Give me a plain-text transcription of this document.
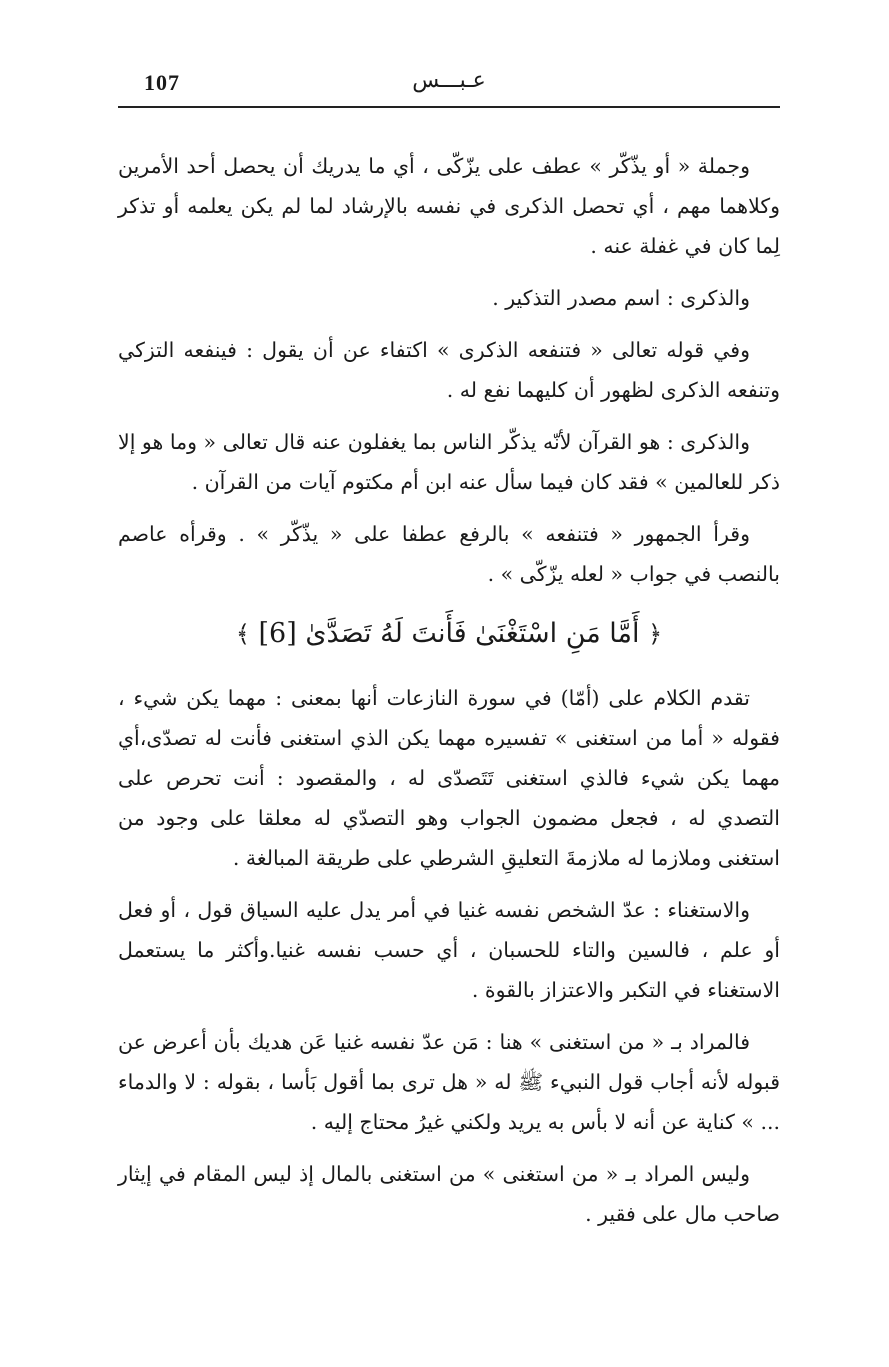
107	عـبـــس

وجملة « أو يذّكّر » عطف على يزّكّى ، أي ما يدريك أن يحصل أحد الأمرين وكلاهما مهم ، أي تحصل الذكرى في نفسه بالإرشاد لما لم يكن يعلمه أو تذكر لِما كان في غفلة عنه .

والذكرى : اسم مصدر التذكير .

وفي قوله تعالى « فتنفعه الذكرى » اكتفاء عن أن يقول : فينفعه التزكي وتنفعه الذكرى لظهور أن كليهما نفع له .

والذكرى : هو القرآن لأنّه يذكّر الناس بما يغفلون عنه قال تعالى « وما هو إلا ذكر للعالمين » فقد كان فيما سأل عنه ابن أم مكتوم آيات من القرآن .

وقرأ الجمهور « فتنفعه » بالرفع عطفا على « يذّكّر » . وقرأه عاصم بالنصب في جواب « لعله يزّكّى » .

﴿ أَمَّا مَنِ اسْتَغْنَىٰ فَأَنتَ لَهُ تَصَدَّىٰ [6] ﴾

تقدم الكلام على (أمّا) في سورة النازعات أنها بمعنى : مهما يكن شيء ، فقوله « أما من استغنى » تفسيره مهما يكن الذي استغنى فأنت له تصدّى،أي مهما يكن شيء فالذي استغنى تَتَصدّى له ، والمقصود : أنت تحرص على التصدي له ، فجعل مضمون الجواب وهو التصدّي له معلقا على وجود من استغنى وملازما له ملازمةَ التعليقِ الشرطي على طريقة المبالغة .

والاستغناء : عدّ الشخص نفسه غنيا في أمر يدل عليه السياق قول ، أو فعل أو علم ، فالسين والتاء للحسبان ، أي حسب نفسه غنيا.وأكثر ما يستعمل الاستغناء في التكبر والاعتزاز بالقوة .

فالمراد بـ « من استغنى » هنا : مَن عدّ نفسه غنيا عَن هديك بأن أعرض عن قبوله لأنه أجاب قول النبيء ﷺ له « هل ترى بما أقول بَأسا ، بقوله : لا والدماء ... » كناية عن أنه لا بأس به يريد ولكني غيرُ محتاج إليه .

وليس المراد بـ « من استغنى » من استغنى بالمال إذ ليس المقام في إيثار صاحب مال على فقير .
